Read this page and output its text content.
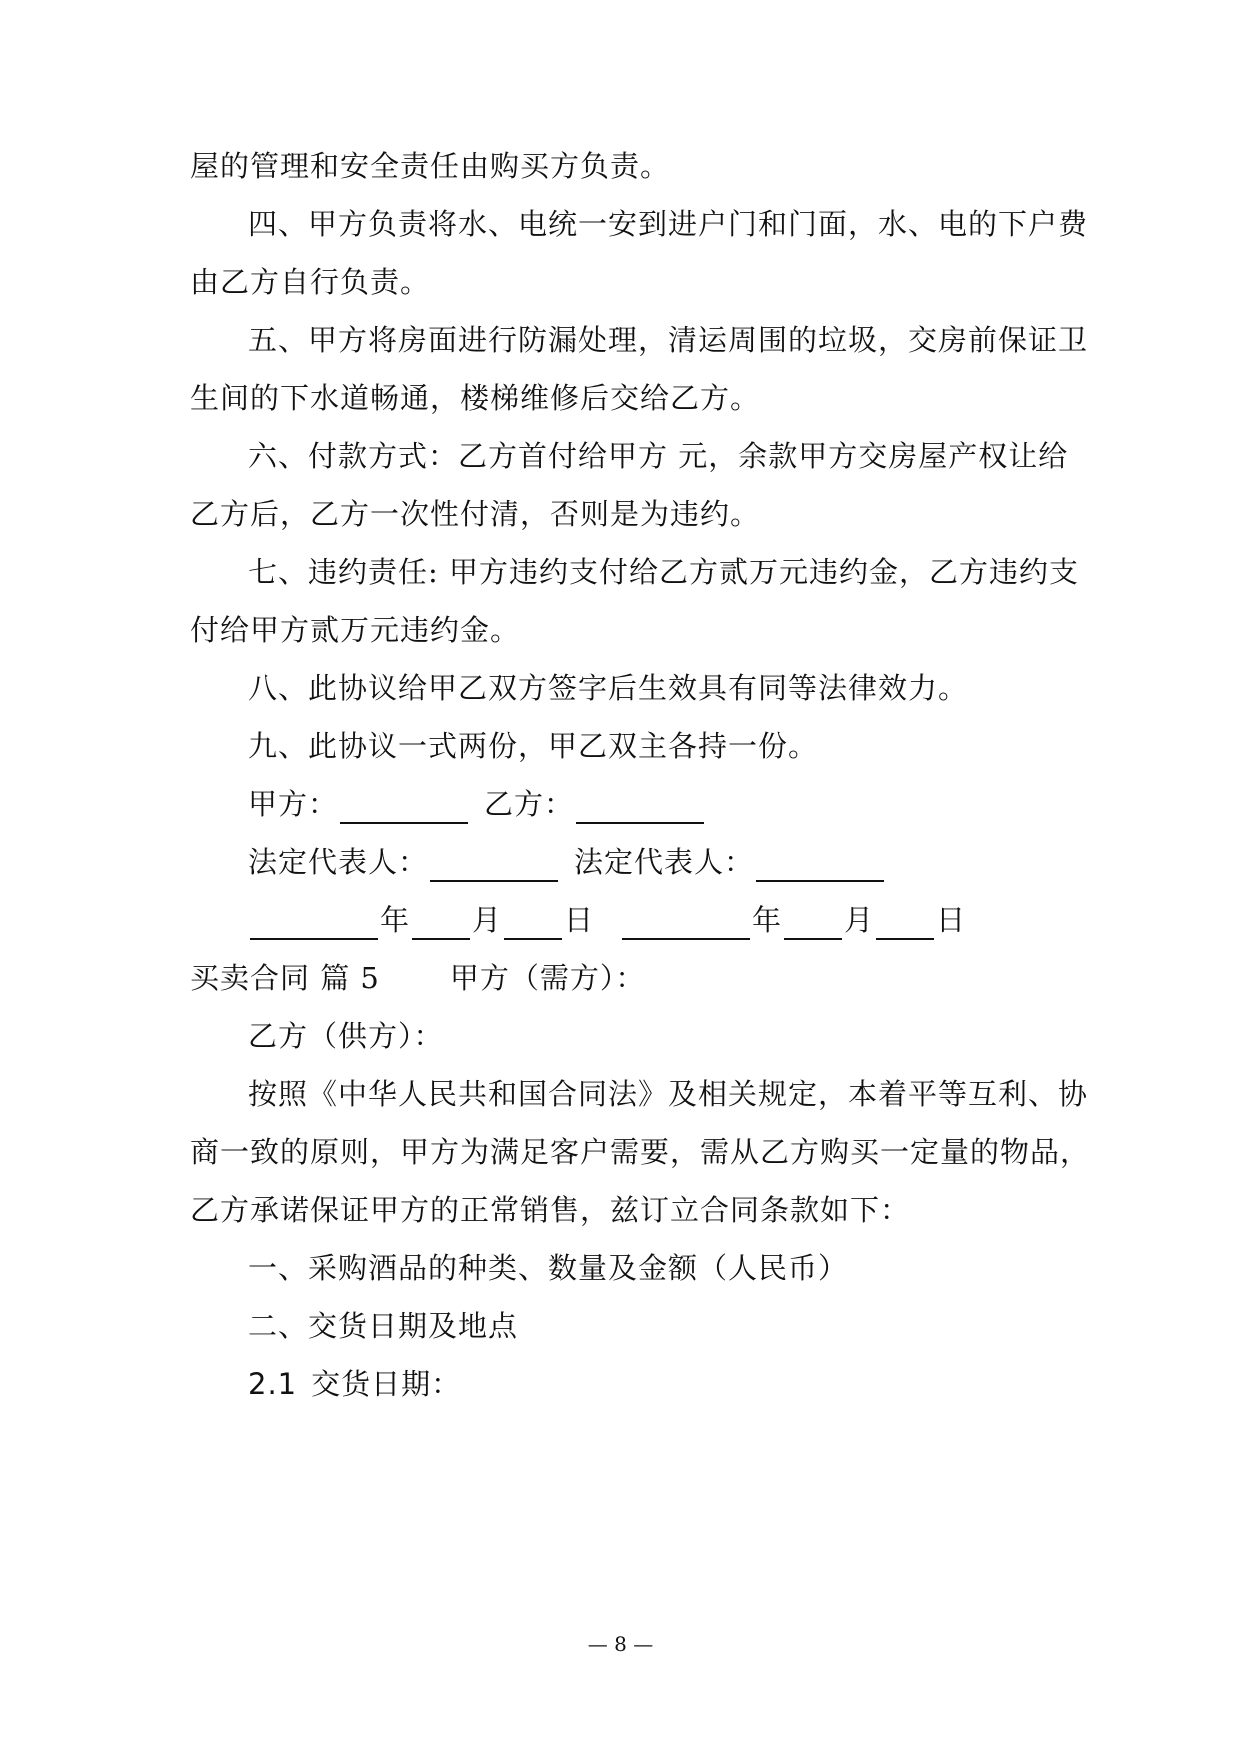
屋的管理和安全责任由购买方负责。
四、甲方负责将水、电统一安到进户门和门面，水、电的下户费
由乙方自行负责。
五、甲方将房面进行防漏处理，清运周围的垃圾，交房前保证卫
生间的下水道畅通，楼梯维修后交给乙方。
六、付款方式：乙方首付给甲方 元，余款甲方交房屋产权让给
乙方后，乙方一次性付清，否则是为违约。
七、违约责任: 甲方违约支付给乙方贰万元违约金，乙方违约支
付给甲方贰万元违约金。
八、此协议给甲乙双方签字后生效具有同等法律效力。
九、此协议一式两份，甲乙双主各持一份。
甲方：	乙方：
法定代表人：	法定代表人：
年 月 日	年 月 日
买卖合同 篇 5 甲方（需方）：
乙方（供方）：
按照《中华人民共和国合同法》及相关规定，本着平等互利、协
商一致的原则，甲方为满足客户需要，需从乙方购买一定量的物品，
乙方承诺保证甲方的正常销售，兹订立合同条款如下：
一、采购酒品的种类、数量及金额（人民币）
二、交货日期及地点
2.1 交货日期：
— 8 —
